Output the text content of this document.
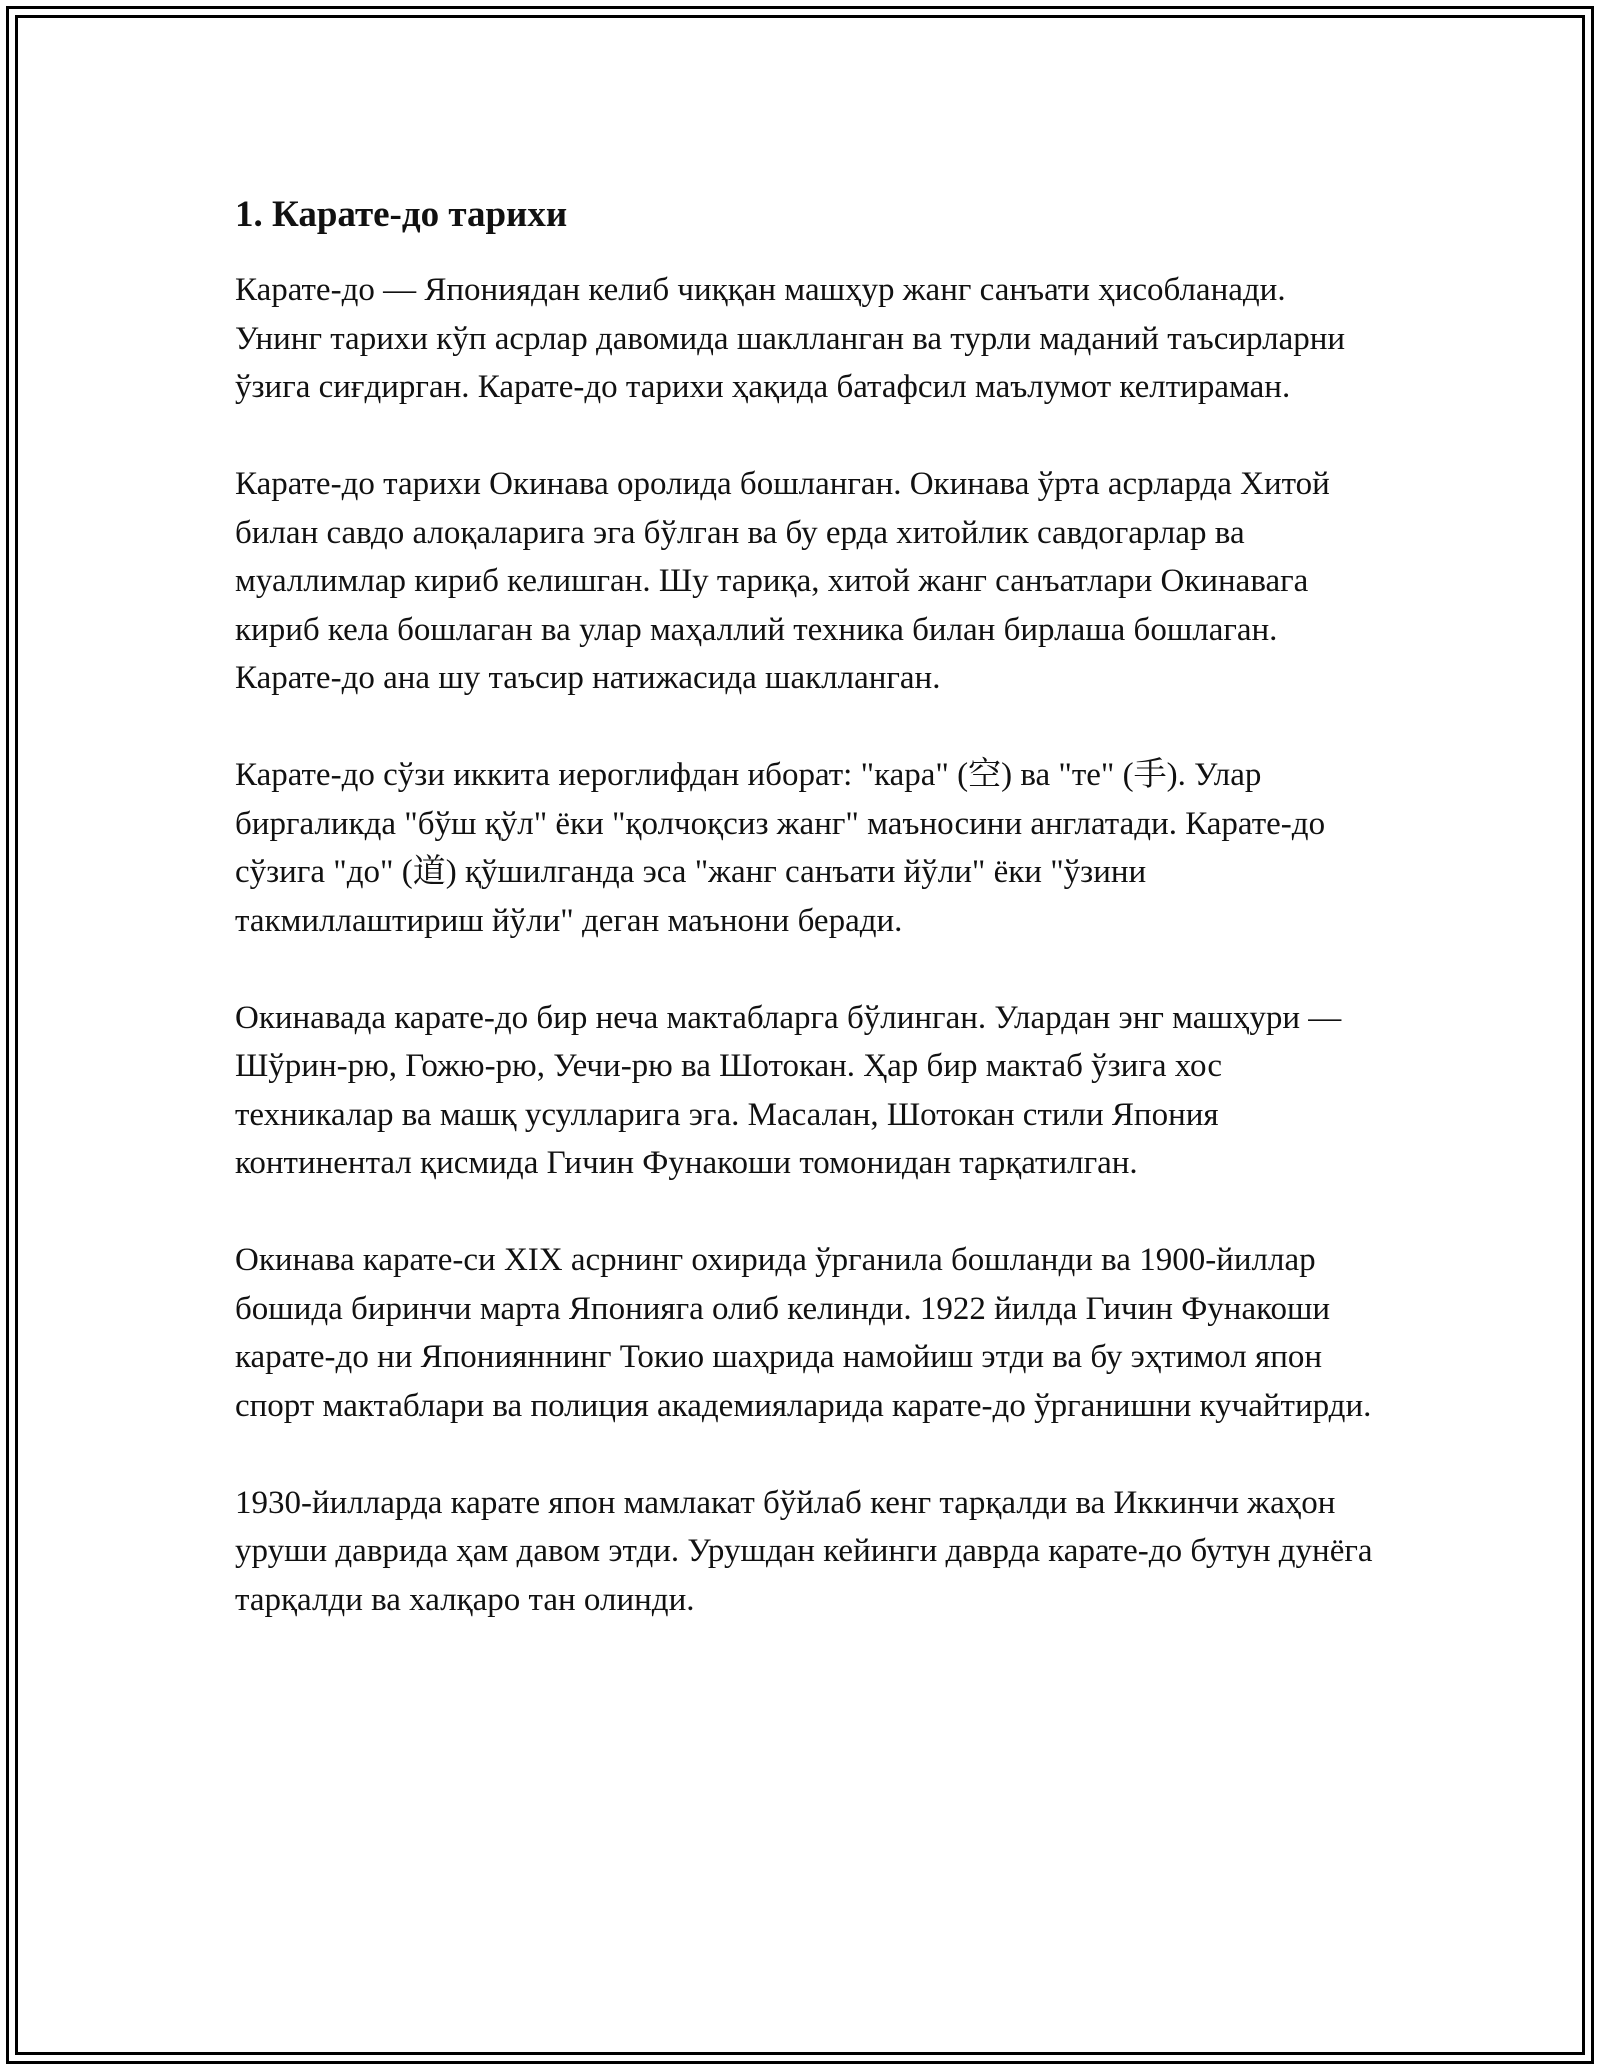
1. Карате-до тарихи

Карате-до — Япониядан келиб чиққан машҳур жанг санъати ҳисобланади. Унинг тарихи кўп асрлар давомида шаклланган ва турли маданий таъсирларни ўзига сиғдирган. Карате-до тарихи ҳақида батафсил маълумот келтираман.

Карате-до тарихи Окинава оролида бошланган. Окинава ўрта асрларда Хитой билан савдо алоқаларига эга бўлган ва бу ерда хитойлик савдогарлар ва муаллимлар кириб келишган. Шу тариқа, хитой жанг санъатлари Окинавага кириб кела бошлаган ва улар маҳаллий техника билан бирлаша бошлаган. Карате-до ана шу таъсир натижасида шаклланган.

Карате-до сўзи иккита иероглифдан иборат: "кара" (空) ва "те" (手). Улар биргаликда "бўш қўл" ёки "қолчоқсиз жанг" маъносини англатади. Карате-до сўзига "до" (道) қўшилганда эса "жанг санъати йўли" ёки "ўзини такмиллаштириш йўли" деган маънони беради.

Окинавада карате-до бир неча мактабларга бўлинган. Улардан энг машҳури — Шўрин-рю, Гожю-рю, Уечи-рю ва Шотокан. Ҳар бир мактаб ўзига хос техникалар ва машқ усулларига эга. Масалан, Шотокан стили Япония континентал қисмида Гичин Фунакоши томонидан тарқатилган.

Окинава карате-си XIX асрнинг охирида ўрганила бошланди ва 1900-йиллар бошида биринчи марта Японияга олиб келинди. 1922 йилда Гичин Фунакоши карате-до ни Японияннинг Токио шаҳрида намойиш этди ва бу эҳтимол япон спорт мактаблари ва полиция академияларида карате-до ўрганишни кучайтирди.

1930-йилларда карате япон мамлакат бўйлаб кенг тарқалди ва Иккинчи жаҳон уруши даврида ҳам давом этди. Урушдан кейинги даврда карате-до бутун дунёга тарқалди ва халқаро тан олинди.
